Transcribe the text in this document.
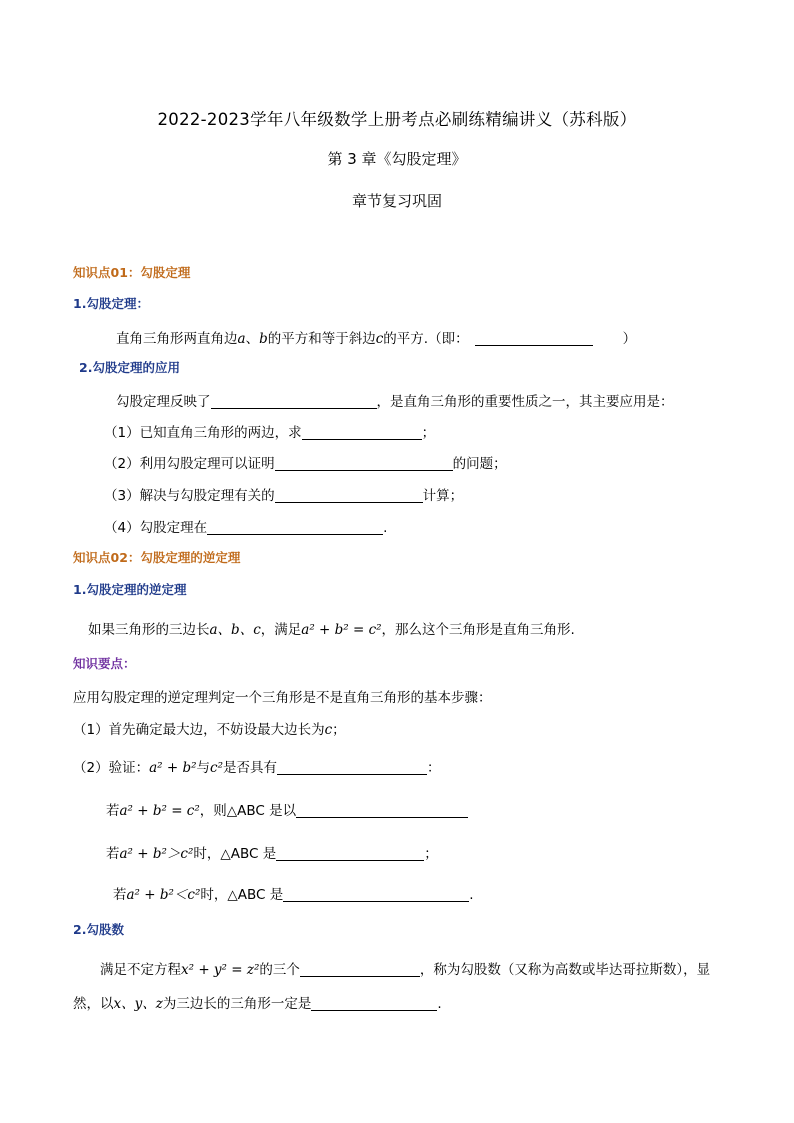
2022-2023学年八年级数学上册考点必刷练精编讲义（苏科版）
第 3 章《勾股定理》
章节复习巩固
知识点01：勾股定理
1.勾股定理：
直角三角形两直角边a、b的平方和等于斜边c的平方.（即：	）
2.勾股定理的应用
勾股定理反映了	，是直角三角形的重要性质之一，其主要应用是：
（1）已知直角三角形的两边，求	；
（2）利用勾股定理可以证明	的问题；
（3）解决与勾股定理有关的	计算；
（4）勾股定理在	.
知识点02：勾股定理的逆定理
1.勾股定理的逆定理
如果三角形的三边长a、b、c，满足a² + b² = c²，那么这个三角形是直角三角形.
知识要点：
应用勾股定理的逆定理判定一个三角形是不是直角三角形的基本步骤：
（1）首先确定最大边，不妨设最大边长为c；
（2）验证：a² + b²与c²是否具有	：
若a² + b² = c²，则△ABC 是以
若a² + b²＞c²时，△ABC 是	；
若a² + b²＜c²时，△ABC 是	.
2.勾股数
满足不定方程x² + y² = z²的三个	，称为勾股数（又称为高数或毕达哥拉斯数），显
然，以x、y、z为三边长的三角形一定是	.
